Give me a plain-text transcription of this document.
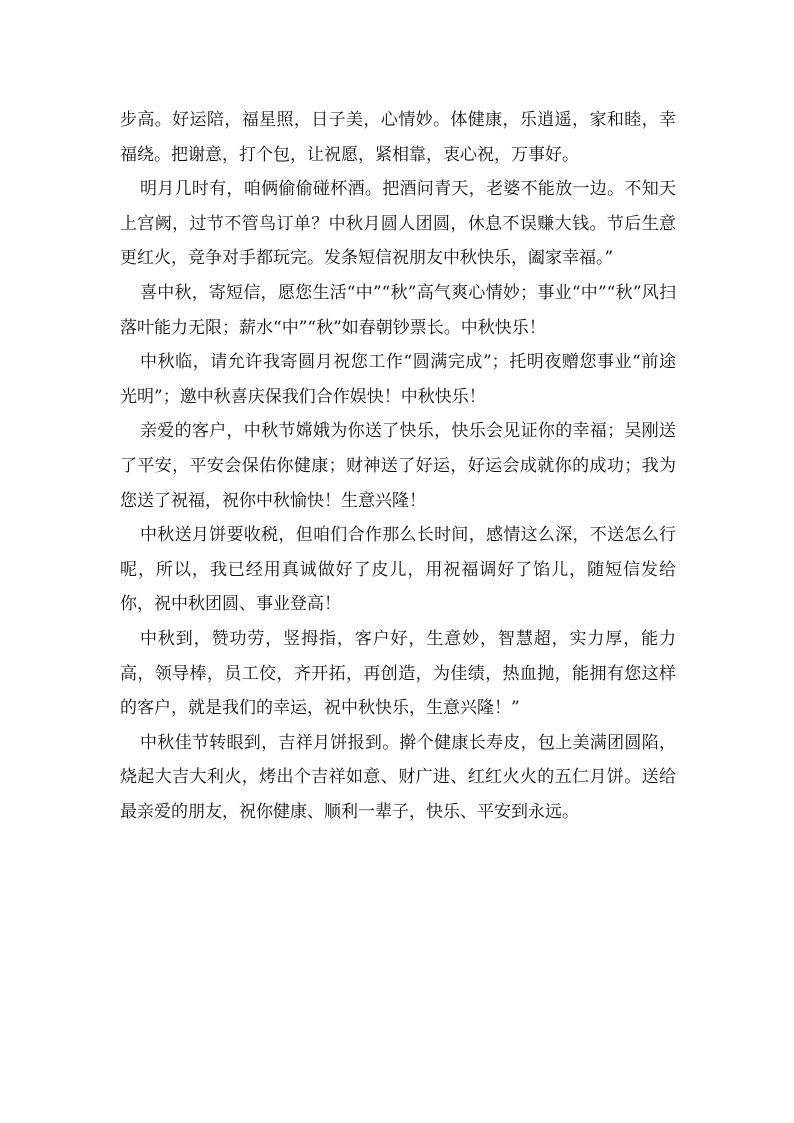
步高。好运陪，福星照，日子美，心情妙。体健康，乐逍遥，家和睦，幸福绕。把谢意，打个包，让祝愿，紧相靠，衷心祝，万事好。

明月几时有，咱俩偷偷碰杯酒。把酒问青天，老婆不能放一边。不知天上宫阙，过节不管鸟订单？中秋月圆人团圆，休息不误赚大钱。节后生意更红火，竞争对手都玩完。发条短信祝朋友中秋快乐，阖家幸福。”

喜中秋，寄短信，愿您生活“中”“秋”高气爽心情妙；事业“中”“秋”风扫落叶能力无限；薪水“中”“秋”如春朝钞票长。中秋快乐！

中秋临，请允许我寄圆月祝您工作“圆满完成”；托明夜赠您事业“前途光明”；邀中秋喜庆保我们合作娱快！中秋快乐！

亲爱的客户，中秋节嫦娥为你送了快乐，快乐会见证你的幸福；吴刚送了平安，平安会保佑你健康；财神送了好运，好运会成就你的成功；我为您送了祝福，祝你中秋愉快！生意兴隆！

中秋送月饼要收税，但咱们合作那么长时间，感情这么深，不送怎么行呢，所以，我已经用真诚做好了皮儿，用祝福调好了馅儿，随短信发给你，祝中秋团圆、事业登高！

中秋到，赞功劳，竖拇指，客户好，生意妙，智慧超，实力厚，能力高，领导棒，员工佼，齐开拓，再创造，为佳绩，热血抛，能拥有您这样的客户，就是我们的幸运，祝中秋快乐，生意兴隆！”

中秋佳节转眼到，吉祥月饼报到。擀个健康长寿皮，包上美满团圆陷，烧起大吉大利火，烤出个吉祥如意、财广进、红红火火的五仁月饼。送给最亲爱的朋友，祝你健康、顺利一辈子，快乐、平安到永远。
